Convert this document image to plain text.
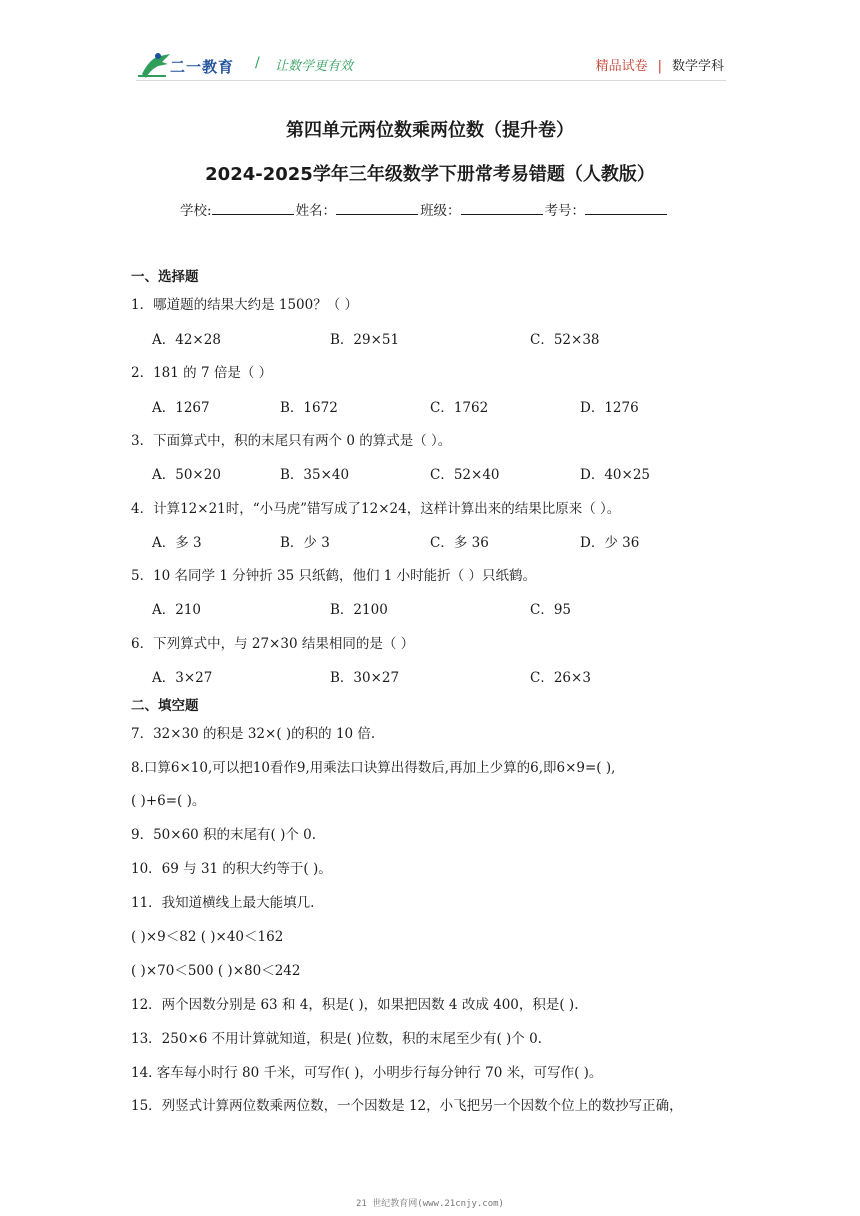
二一教育 / 让数学更有效	精品试卷 | 数学学科
第四单元两位数乘两位数（提升卷）
2024-2025学年三年级数学下册常考易错题（人教版）
学校:	姓名：	班级：	考号：
一、选择题
1．哪道题的结果大约是 1500？（ ）
A．42×28	B．29×51	C．52×38
2．181 的 7 倍是（ ）
A．1267	B．1672	C．1762	D．1276
3．下面算式中，积的末尾只有两个 0 的算式是（ ）。
A．50×20	B．35×40	C．52×40	D．40×25
4．计算12×21时，“小马虎”错写成了12×24，这样计算出来的结果比原来（ ）。
A．多 3	B．少 3	C．多 36	D．少 36
5．10 名同学 1 分钟折 35 只纸鹤，他们 1 小时能折（ ）只纸鹤。
A．210	B．2100	C．95
6．下列算式中，与 27×30 结果相同的是（ ）
A．3×27	B．30×27	C．26×3
二、填空题
7．32×30 的积是 32×( )的积的 10 倍.
8.口算6×10,可以把10看作9,用乘法口诀算出得数后,再加上少算的6,即6×9=( ),
( )+6=( )。
9．50×60 积的末尾有( )个 0.
10．69 与 31 的积大约等于( )。
11．我知道横线上最大能填几.
( )×9＜82 ( )×40＜162
( )×70＜500 ( )×80＜242
12．两个因数分别是 63 和 4，积是( )，如果把因数 4 改成 400，积是( ).
13．250×6 不用计算就知道，积是( )位数，积的末尾至少有( )个 0.
14. 客车每小时行 80 千米，可写作( )，小明步行每分钟行 70 米，可写作( )。
15．列竖式计算两位数乘两位数，一个因数是 12，小飞把另一个因数个位上的数抄写正确，
21 世纪教育网(www.21cnjy.com)
